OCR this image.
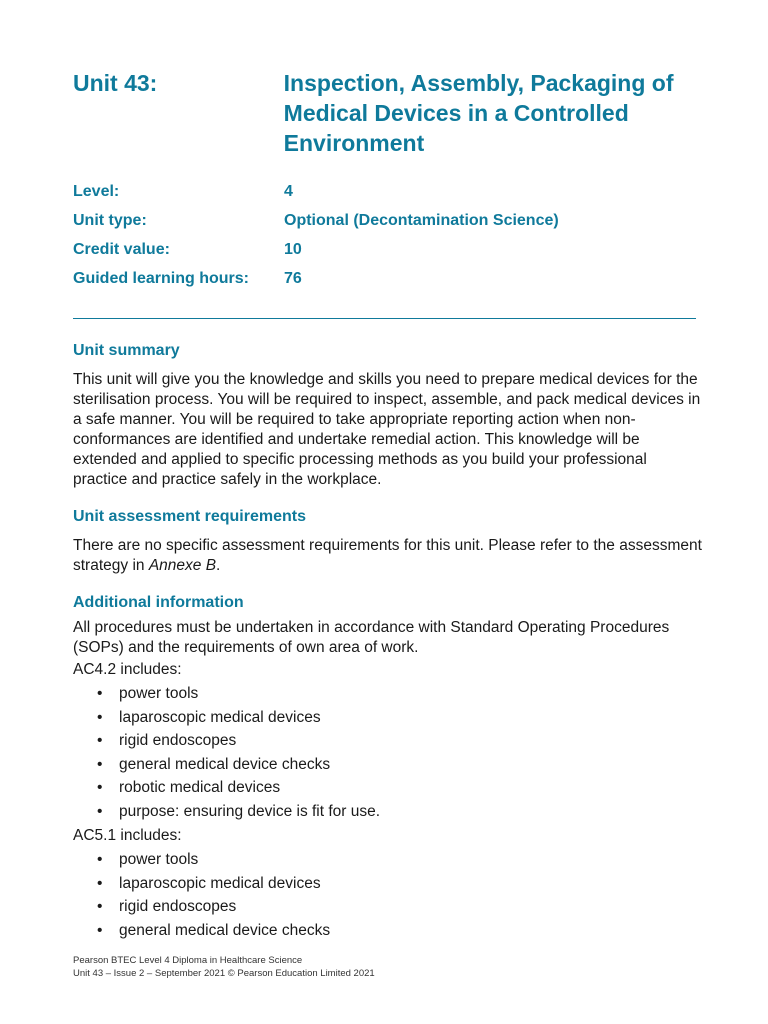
Unit 43:	Inspection, Assembly, Packaging of Medical Devices in a Controlled Environment
Level:	4
Unit type:	Optional (Decontamination Science)
Credit value:	10
Guided learning hours:	76
Unit summary

This unit will give you the knowledge and skills you need to prepare medical devices for the sterilisation process. You will be required to inspect, assemble, and pack medical devices in a safe manner. You will be required to take appropriate reporting action when non-conformances are identified and undertake remedial action. This knowledge will be extended and applied to specific processing methods as you build your professional practice and practice safely in the workplace.

Unit assessment requirements

There are no specific assessment requirements for this unit. Please refer to the assessment strategy in Annexe B.

Additional information

All procedures must be undertaken in accordance with Standard Operating Procedures (SOPs) and the requirements of own area of work.

AC4.2 includes:

• power tools
• laparoscopic medical devices
• rigid endoscopes
• general medical device checks
• robotic medical devices
• purpose: ensuring device is fit for use.

AC5.1 includes:

• power tools
• laparoscopic medical devices
• rigid endoscopes
• general medical device checks
Pearson BTEC Level 4 Diploma in Healthcare Science
Unit 43 – Issue 2 – September 2021 © Pearson Education Limited 2021
